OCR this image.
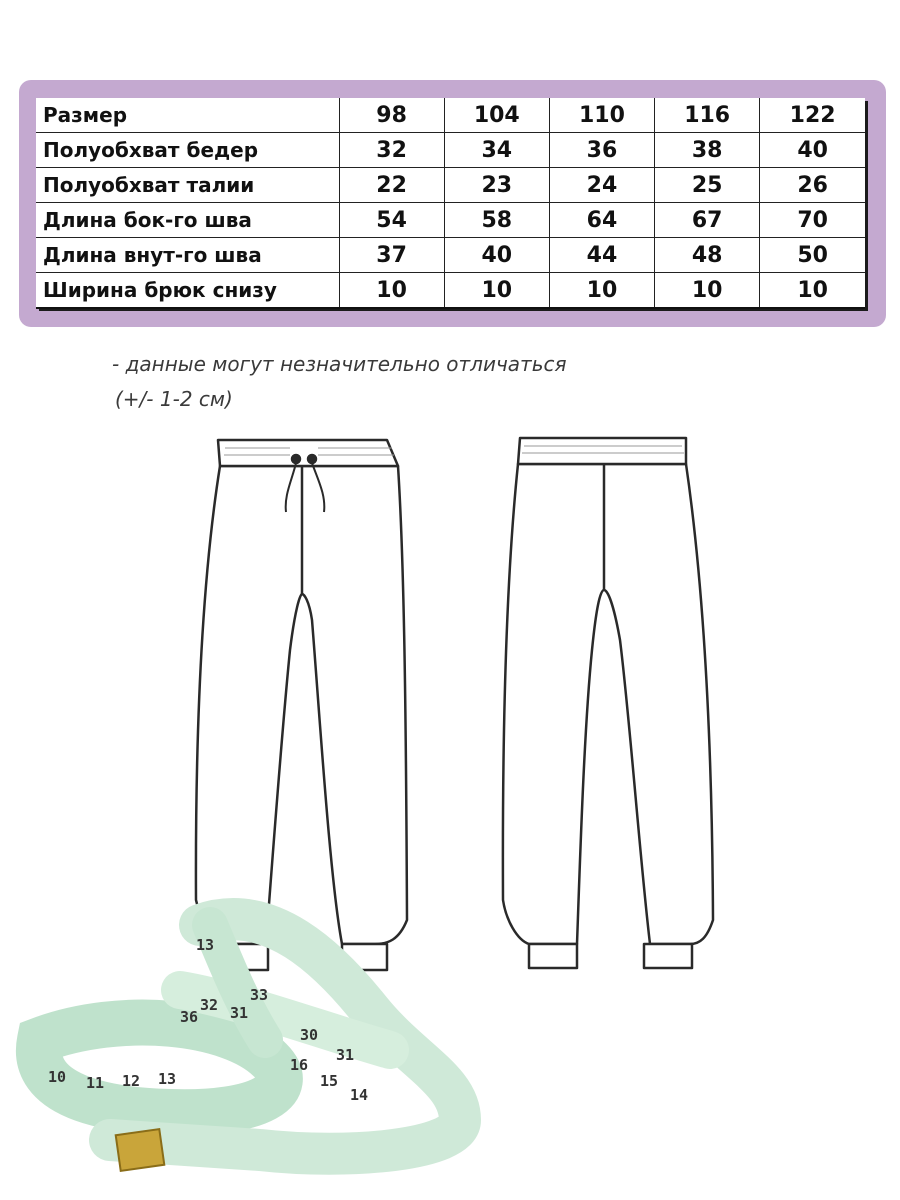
Размер	98	104	110	116	122
Полуобхват бедер	32	34	36	38	40
Полуобхват талии	22	23	24	25	26
Длина бок-го шва	54	58	64	67	70
Длина внут-го шва	37	40	44	48	50
Ширина брюк снизу	10	10	10	10	10
- данные могут незначительно отличаться
(+/- 1-2 см)
10 11 12 13
13
31
32
33
36
16
15
14
30
31
